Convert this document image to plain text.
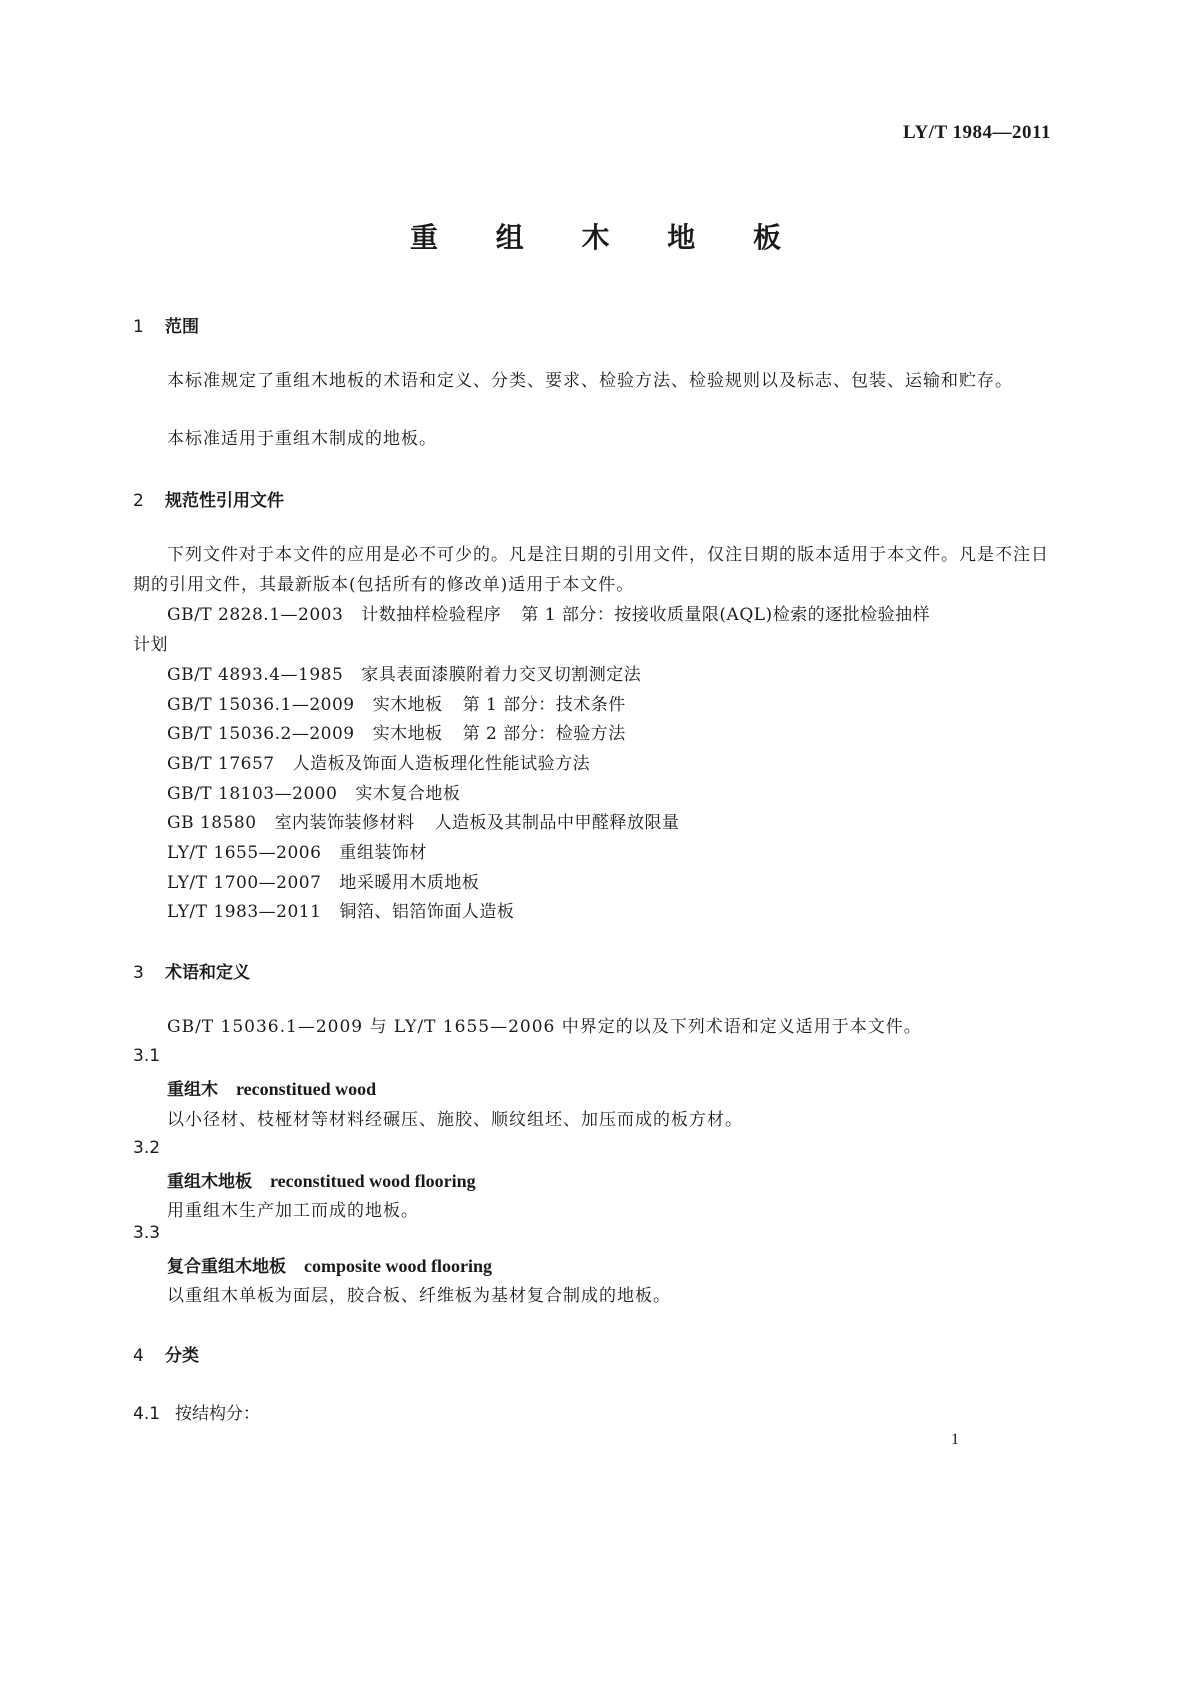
LY/T 1984—2011
重 组 木 地 板
1 范围
本标准规定了重组木地板的术语和定义、分类、要求、检验方法、检验规则以及标志、包装、运输和贮存。
本标准适用于重组木制成的地板。
2 规范性引用文件
下列文件对于本文件的应用是必不可少的。凡是注日期的引用文件，仅注日期的版本适用于本文件。凡是不注日期的引用文件，其最新版本(包括所有的修改单)适用于本文件。
GB/T 2828.1—2003 计数抽样检验程序 第 1 部分：按接收质量限(AQL)检索的逐批检验抽样
计划
GB/T 4893.4—1985 家具表面漆膜附着力交叉切割测定法
GB/T 15036.1—2009 实木地板 第 1 部分：技术条件
GB/T 15036.2—2009 实木地板 第 2 部分：检验方法
GB/T 17657 人造板及饰面人造板理化性能试验方法
GB/T 18103—2000 实木复合地板
GB 18580 室内装饰装修材料 人造板及其制品中甲醛释放限量
LY/T 1655—2006 重组装饰材
LY/T 1700—2007 地采暖用木质地板
LY/T 1983—2011 铜箔、铝箔饰面人造板
3 术语和定义
GB/T 15036.1—2009 与 LY/T 1655—2006 中界定的以及下列术语和定义适用于本文件。
3.1
重组木 reconstitued wood
以小径材、枝桠材等材料经碾压、施胶、顺纹组坯、加压而成的板方材。
3.2
重组木地板 reconstitued wood flooring
用重组木生产加工而成的地板。
3.3
复合重组木地板 composite wood flooring
以重组木单板为面层，胶合板、纤维板为基材复合制成的地板。
4 分类
4.1 按结构分：
1
